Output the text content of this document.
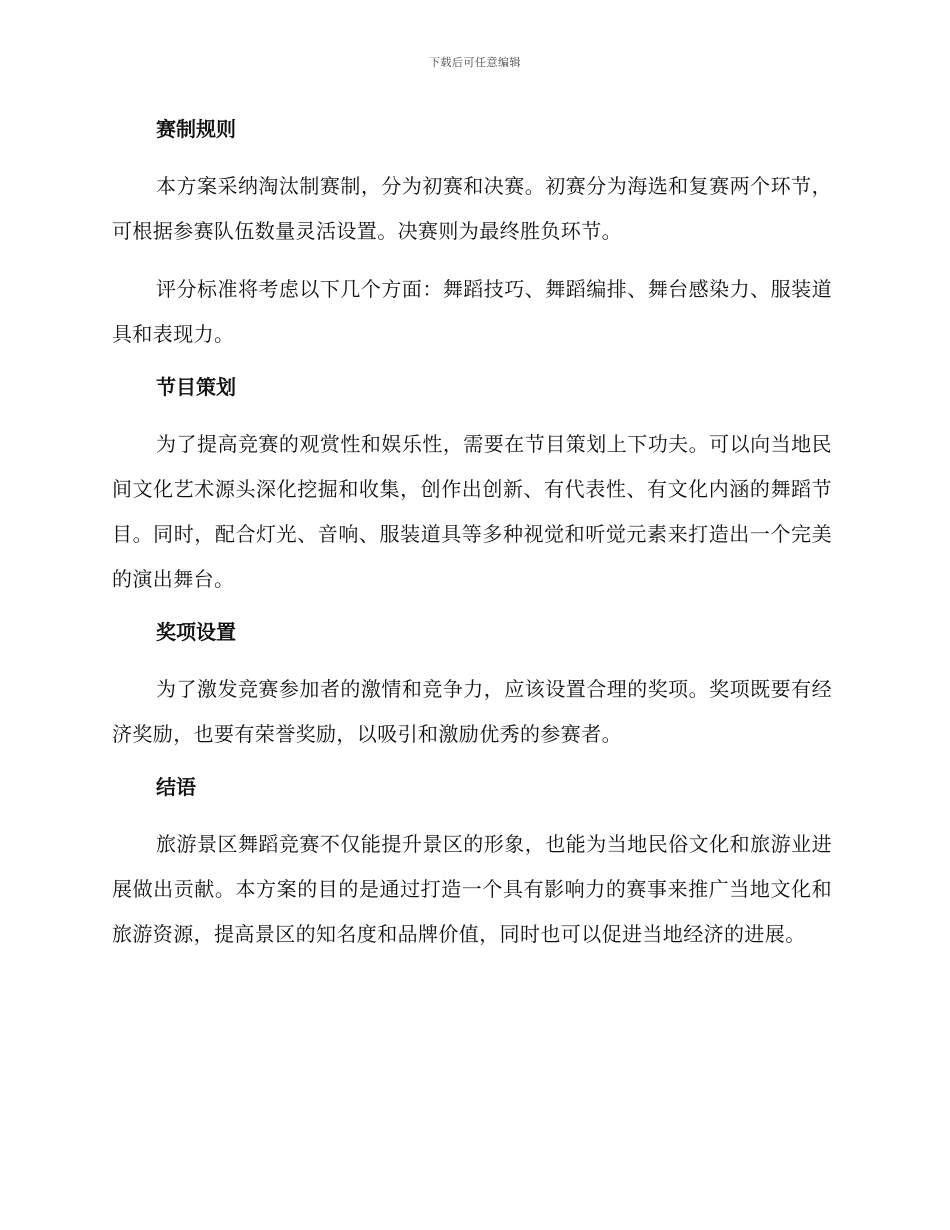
下载后可任意编辑
赛制规则

本方案采纳淘汰制赛制，分为初赛和决赛。初赛分为海选和复赛两个环节，可根据参赛队伍数量灵活设置。决赛则为最终胜负环节。

评分标准将考虑以下几个方面：舞蹈技巧、舞蹈编排、舞台感染力、服装道具和表现力。

节目策划

为了提高竞赛的观赏性和娱乐性，需要在节目策划上下功夫。可以向当地民间文化艺术源头深化挖掘和收集，创作出创新、有代表性、有文化内涵的舞蹈节目。同时，配合灯光、音响、服装道具等多种视觉和听觉元素来打造出一个完美的演出舞台。

奖项设置

为了激发竞赛参加者的激情和竞争力，应该设置合理的奖项。奖项既要有经济奖励，也要有荣誉奖励，以吸引和激励优秀的参赛者。

结语

旅游景区舞蹈竞赛不仅能提升景区的形象，也能为当地民俗文化和旅游业进展做出贡献。本方案的目的是通过打造一个具有影响力的赛事来推广当地文化和旅游资源，提高景区的知名度和品牌价值，同时也可以促进当地经济的进展。
